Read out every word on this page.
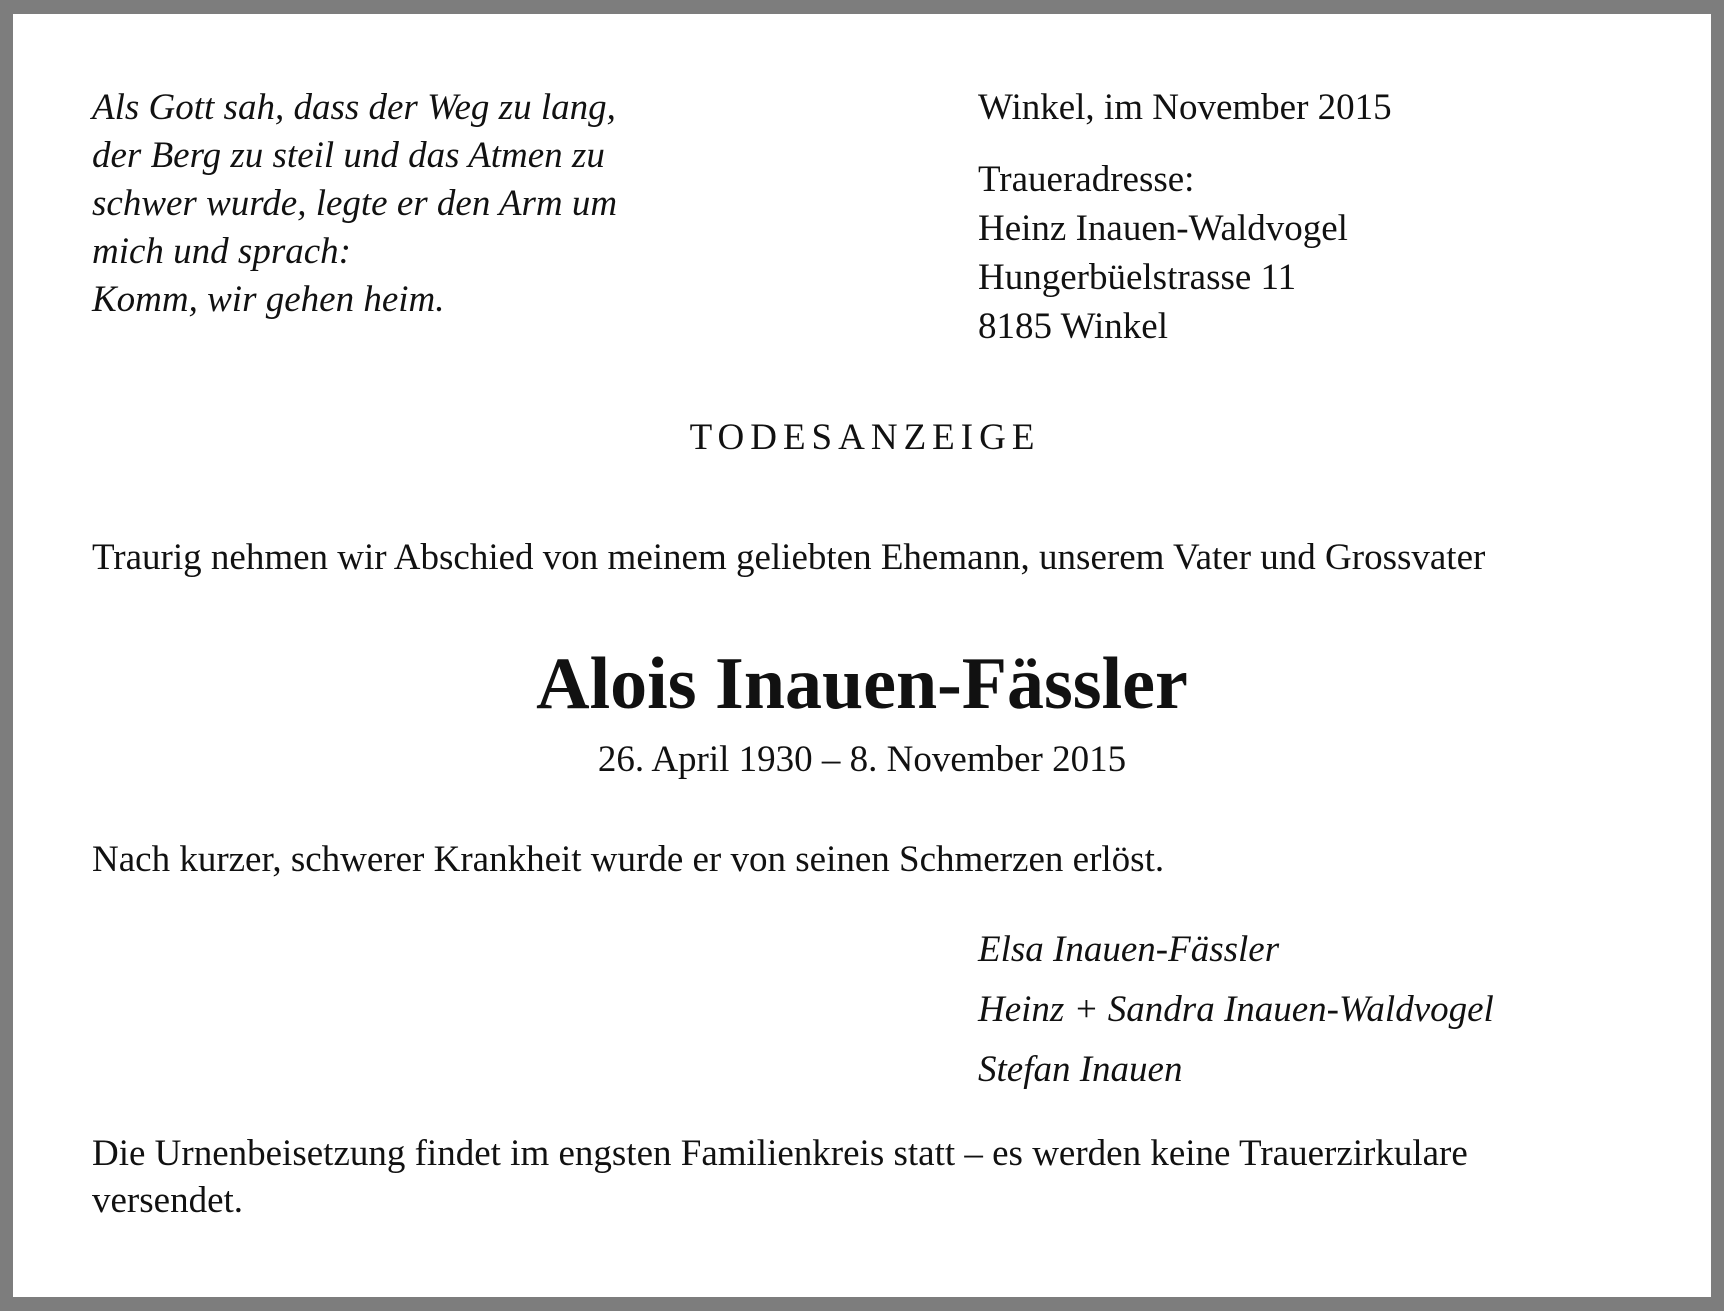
Als Gott sah, dass der Weg zu lang,
der Berg zu steil und das Atmen zu
schwer wurde, legte er den Arm um
mich und sprach:
Komm, wir gehen heim.
Winkel, im November 2015
Traueradresse:
Heinz Inauen-Waldvogel
Hungerbüelstrasse 11
8185 Winkel
TODESANZEIGE
Traurig nehmen wir Abschied von meinem geliebten Ehemann, unserem Vater und Grossvater
Alois Inauen-Fässler
26. April 1930 – 8. November 2015
Nach kurzer, schwerer Krankheit wurde er von seinen Schmerzen erlöst.
Elsa Inauen-Fässler
Heinz + Sandra Inauen-Waldvogel
Stefan Inauen
Die Urnenbeisetzung findet im engsten Familienkreis statt – es werden keine Trauerzirkulare
versendet.
